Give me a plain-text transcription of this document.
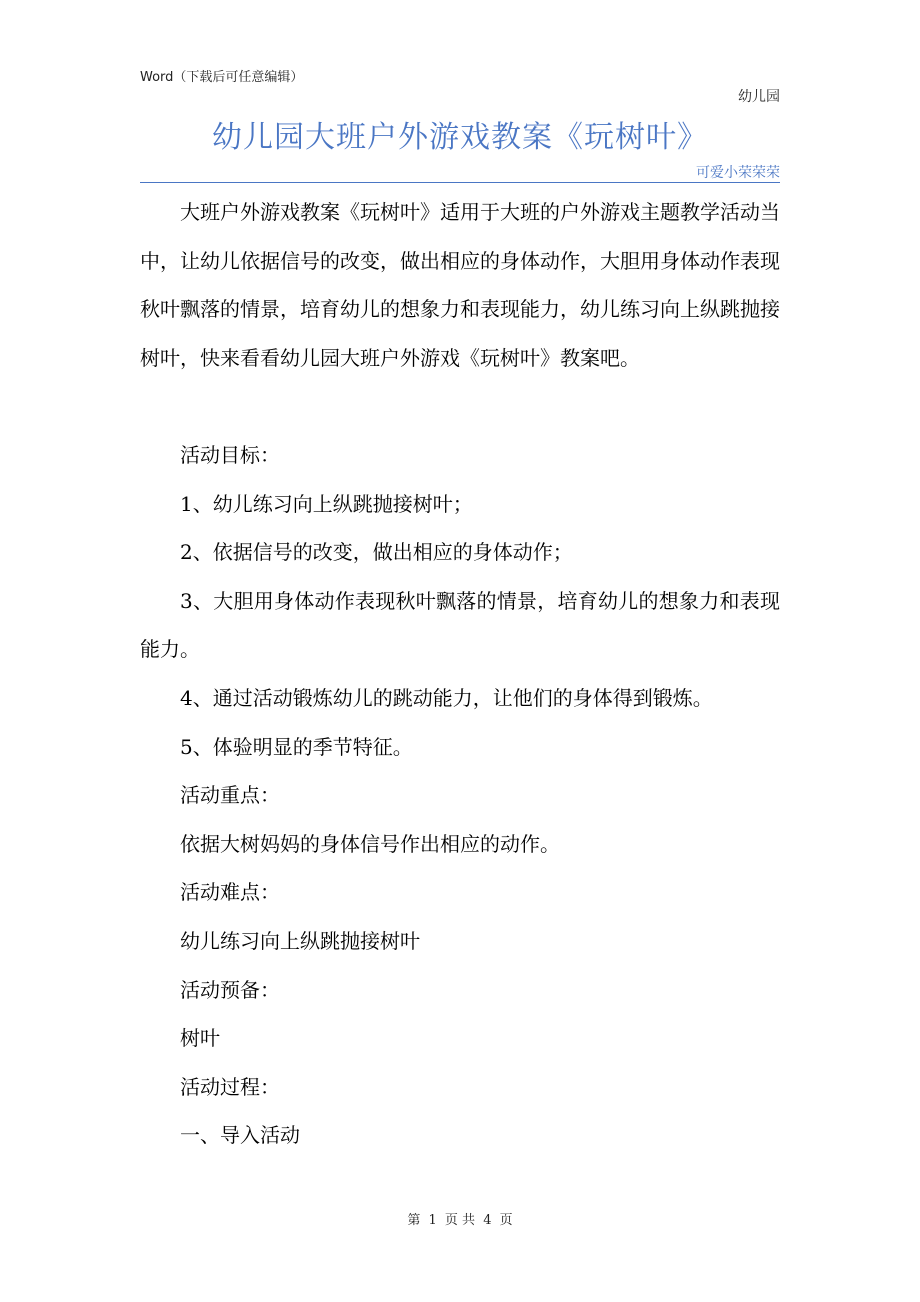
Word（下载后可任意编辑）
幼儿园
幼儿园大班户外游戏教案《玩树叶》
可爱小荣荣荣

大班户外游戏教案《玩树叶》适用于大班的户外游戏主题教学活动当中，让幼儿依据信号的改变，做出相应的身体动作，大胆用身体动作表现秋叶飘落的情景，培育幼儿的想象力和表现能力，幼儿练习向上纵跳抛接树叶，快来看看幼儿园大班户外游戏《玩树叶》教案吧。

活动目标：

1、幼儿练习向上纵跳抛接树叶；

2、依据信号的改变，做出相应的身体动作；

3、大胆用身体动作表现秋叶飘落的情景，培育幼儿的想象力和表现能力。

4、通过活动锻炼幼儿的跳动能力，让他们的身体得到锻炼。

5、体验明显的季节特征。

活动重点：

依据大树妈妈的身体信号作出相应的动作。

活动难点：

幼儿练习向上纵跳抛接树叶

活动预备：

树叶

活动过程：

一、导入活动

第 1 页 共 4 页
